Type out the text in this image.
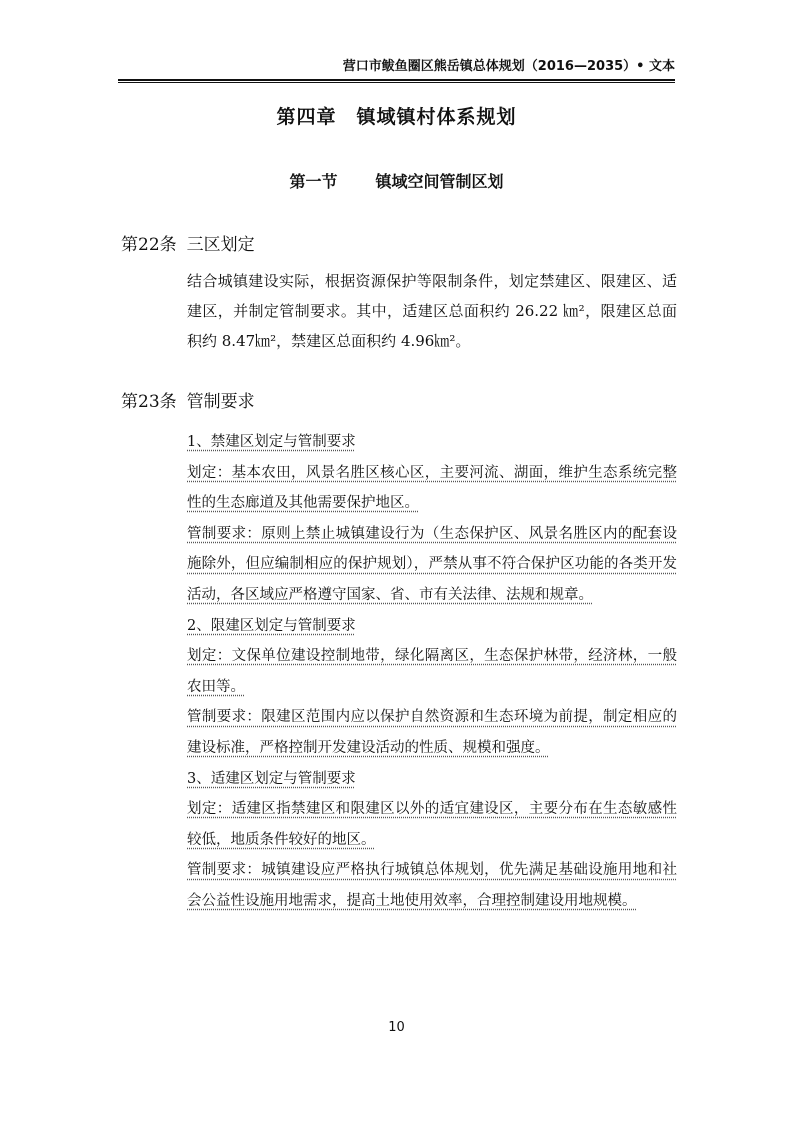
营口市鲅鱼圈区熊岳镇总体规划（2016—2035）• 文本
第四章　镇域镇村体系规划
第一节 镇域空间管制区划
第22条 三区划定

结合城镇建设实际，根据资源保护等限制条件，划定禁建区、限建区、适建区，并制定管制要求。其中，适建区总面积约 26.22 ㎞²，限建区总面积约 8.47㎞²，禁建区总面积约 4.96㎞²。

第23条 管制要求

1、禁建区划定与管制要求

划定：基本农田，风景名胜区核心区，主要河流、湖面，维护生态系统完整性的生态廊道及其他需要保护地区。

管制要求：原则上禁止城镇建设行为（生态保护区、风景名胜区内的配套设施除外，但应编制相应的保护规划），严禁从事不符合保护区功能的各类开发活动，各区域应严格遵守国家、省、市有关法律、法规和规章。

2、限建区划定与管制要求

划定：文保单位建设控制地带，绿化隔离区，生态保护林带，经济林，一般农田等。

管制要求：限建区范围内应以保护自然资源和生态环境为前提，制定相应的建设标准，严格控制开发建设活动的性质、规模和强度。

3、适建区划定与管制要求

划定：适建区指禁建区和限建区以外的适宜建设区，主要分布在生态敏感性较低，地质条件较好的地区。

管制要求：城镇建设应严格执行城镇总体规划，优先满足基础设施用地和社会公益性设施用地需求，提高土地使用效率，合理控制建设用地规模。

10
